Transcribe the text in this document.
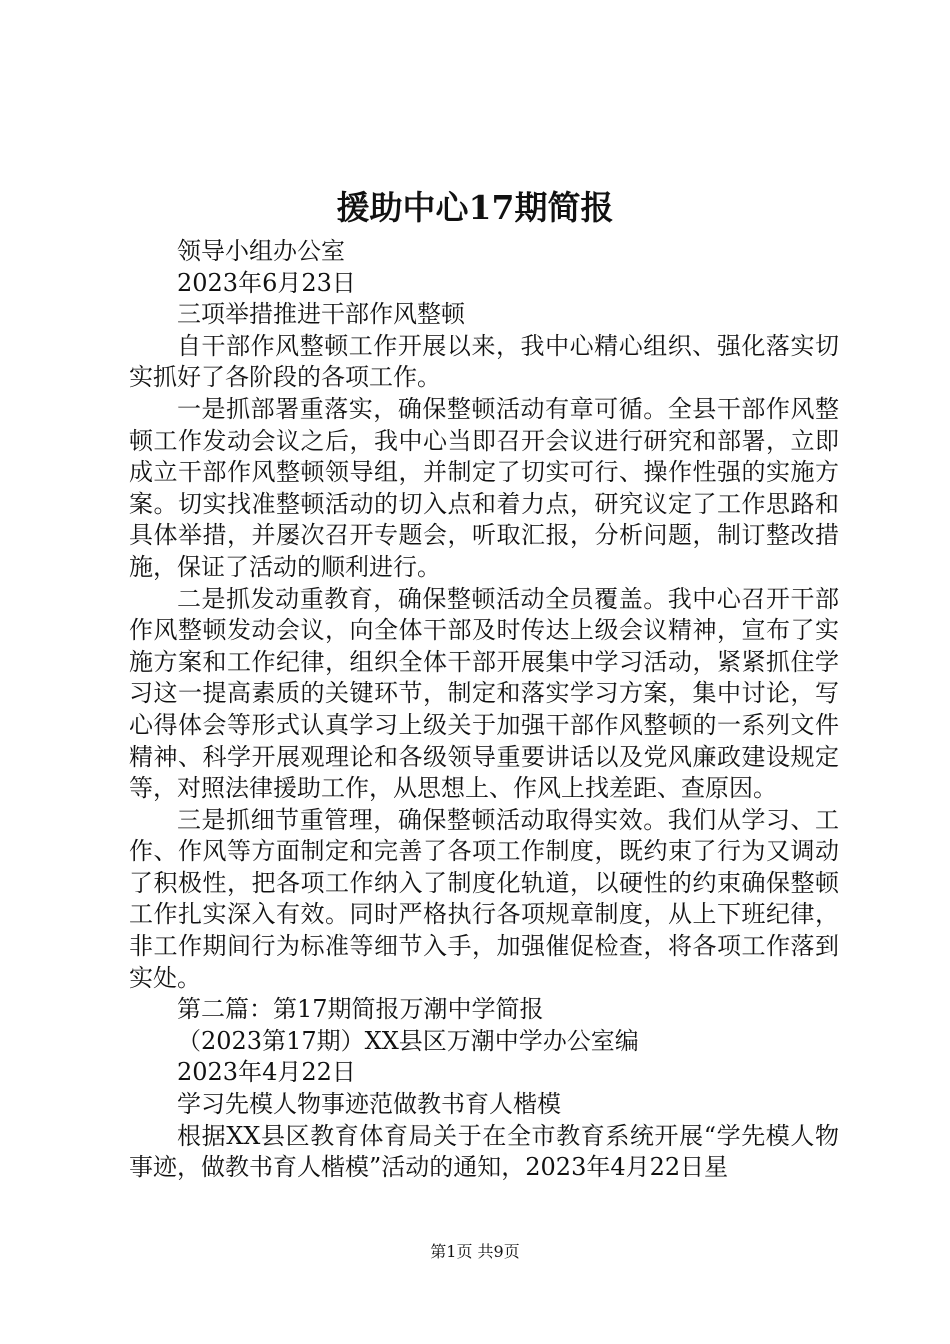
援助中心17期简报

领导小组办公室

2023年6月23日

三项举措推进干部作风整顿

自干部作风整顿工作开展以来，我中心精心组织、强化落实切实抓好了各阶段的各项工作。

一是抓部署重落实，确保整顿活动有章可循。全县干部作风整顿工作发动会议之后，我中心当即召开会议进行研究和部署，立即成立干部作风整顿领导组，并制定了切实可行、操作性强的实施方案。切实找准整顿活动的切入点和着力点，研究议定了工作思路和具体举措，并屡次召开专题会，听取汇报，分析问题，制订整改措施，保证了活动的顺利进行。

二是抓发动重教育，确保整顿活动全员覆盖。我中心召开干部作风整顿发动会议，向全体干部及时传达上级会议精神，宣布了实施方案和工作纪律，组织全体干部开展集中学习活动，紧紧抓住学习这一提高素质的关键环节，制定和落实学习方案，集中讨论，写心得体会等形式认真学习上级关于加强干部作风整顿的一系列文件精神、科学开展观理论和各级领导重要讲话以及党风廉政建设规定等，对照法律援助工作，从思想上、作风上找差距、查原因。

三是抓细节重管理，确保整顿活动取得实效。我们从学习、工作、作风等方面制定和完善了各项工作制度，既约束了行为又调动了积极性，把各项工作纳入了制度化轨道，以硬性的约束确保整顿工作扎实深入有效。同时严格执行各项规章制度，从上下班纪律，非工作期间行为标准等细节入手，加强催促检查，将各项工作落到实处。

第二篇：第17期简报万潮中学简报

（2023第17期）XX县区万潮中学办公室编

2023年4月22日

学习先模人物事迹范做教书育人楷模

根据XX县区教育体育局关于在全市教育系统开展“学先模人物事迹，做教书育人楷模”活动的通知，2023年4月22日星

第1页 共9页
